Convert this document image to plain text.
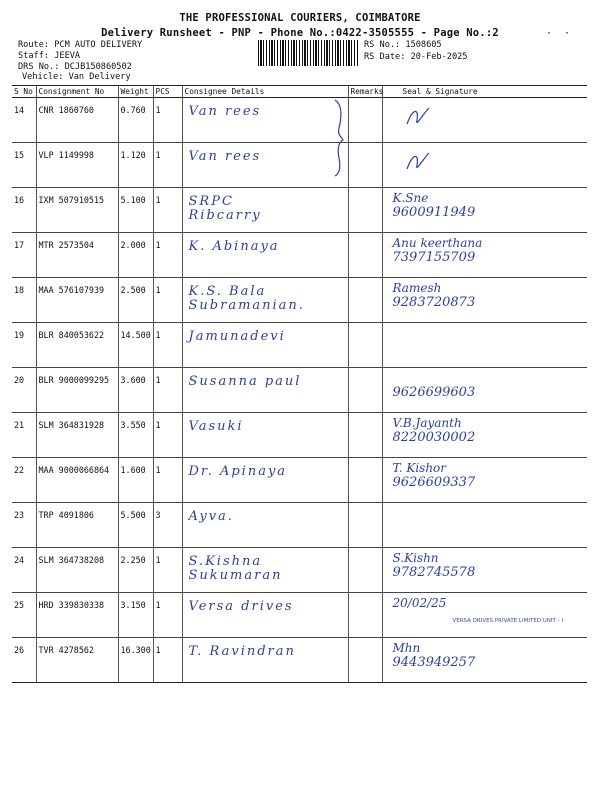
THE PROFESSIONAL COURIERS, COIMBATORE
Delivery Runsheet - PNP - Phone No.:0422-3505555 - Page No.:2	·  ·
Route: PCM AUTO DELIVERY
Staff: JEEVA
DRS No.: DCJB150860502
Vehicle: Van Delivery
RS No.: 1508605
RS Date: 20-Feb-2025
S No	Consignment No	Weight	PCS	Consignee Details	Remarks	Seal & Signature
14	CNR 1860760	0.760	1	Van rees

15	VLP 1149998	1.120	1	Van rees

16	IXM 507910515	5.100	1	SRPC
Ribcarry		K.Sne
9600911949

17	MTR 2573504	2.000	1	K. Abinaya		Anu keerthana
7397155709

18	MAA 576107939	2.500	1	K.S. Bala
Subramanian.		Ramesh
9283720873

19	BLR 840053622	14.500	1	Jamunadevi		

20	BLR 9000099295	3.600	1	Susanna paul		9626699603

21	SLM 364831928	3.550	1	Vasuki		V.B.Jayanth
8220030002

22	MAA 9000066864	1.600	1	Dr. Apinaya		T. Kishor
9626609337

23	TRP 4091806	5.500	3	Ayva.		

24	SLM 364738208	2.250	1	S.Kishna
Sukumaran		S.Kishn
9782745578

25	HRD 339830338	3.150	1	Versa drives		20/02/25
VERSA DRIVES PRIVATE LIMITED UNIT - I

26	TVR 4278562	16.300	1	T. Ravindran		Mhn
9443949257
